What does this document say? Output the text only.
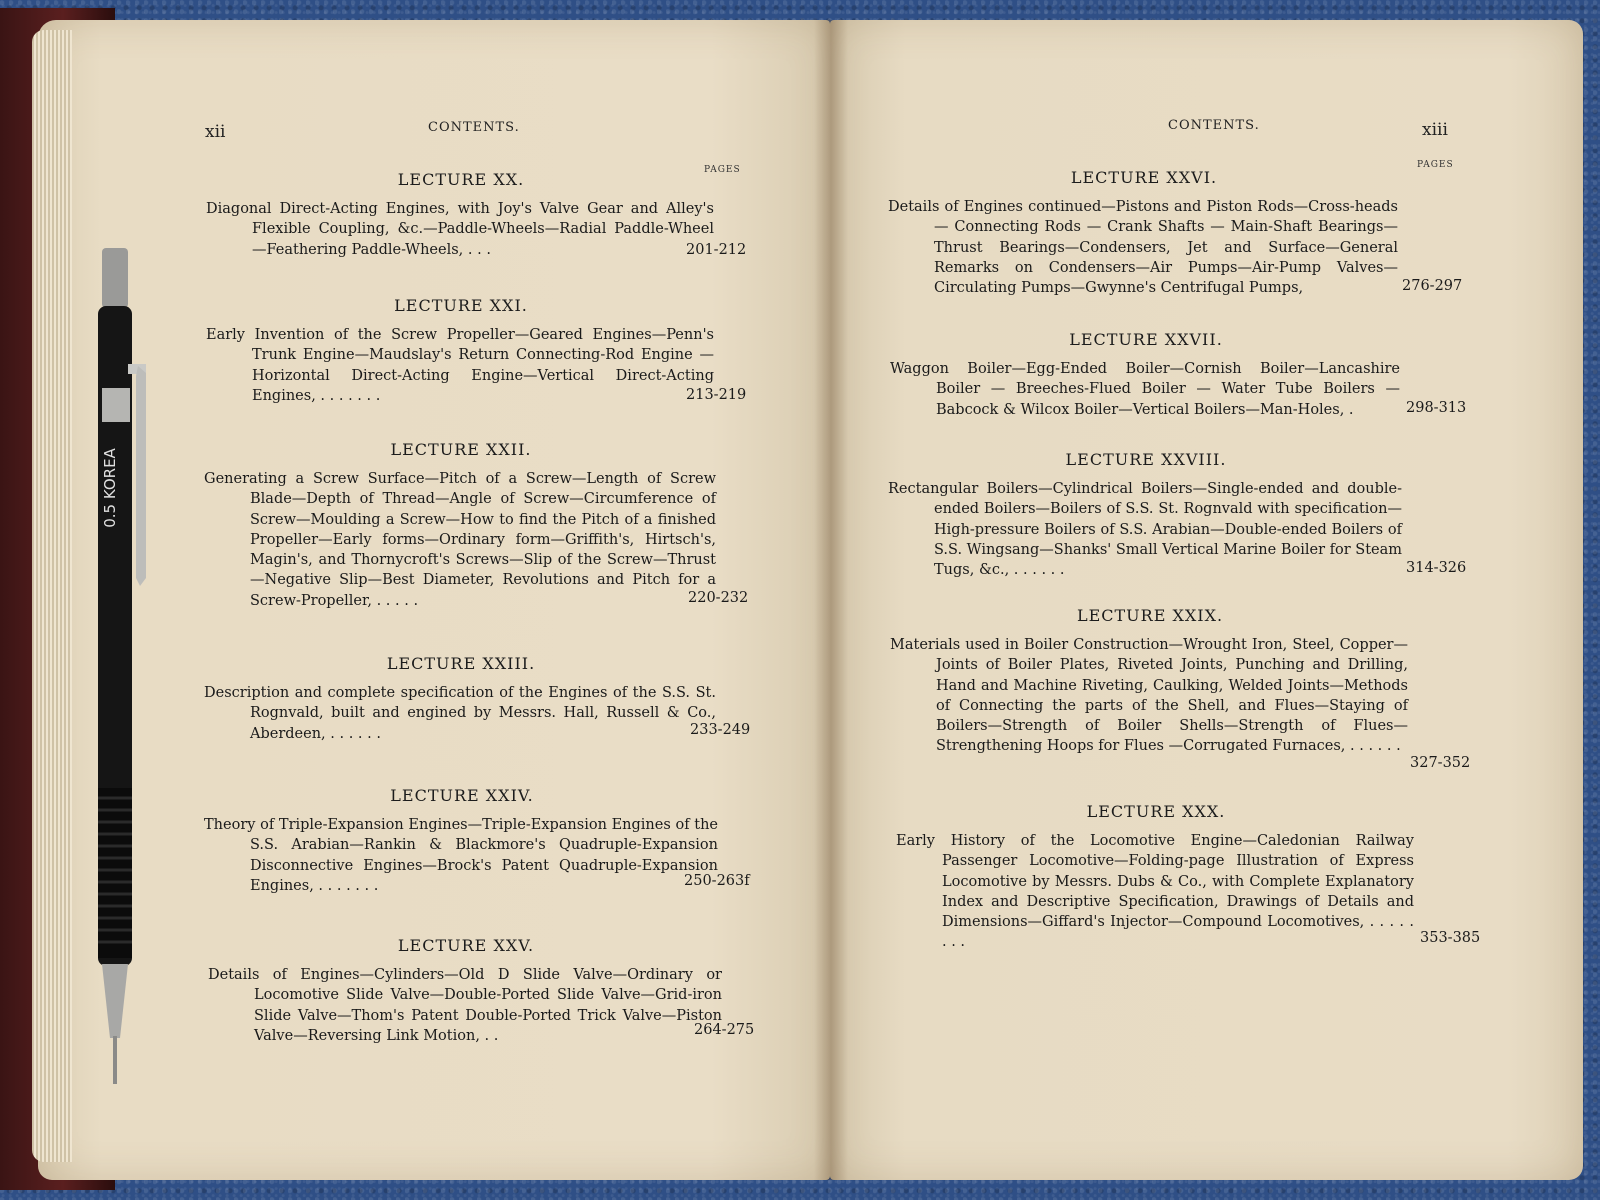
xii	CONTENTS.
PAGES
LECTURE XX.
Diagonal Direct-Acting Engines, with Joy's Valve Gear and Alley's Flexible Coupling, &c.—Paddle-Wheels—Radial Paddle-Wheel—Feathering Paddle-Wheels, . . .	201-212
LECTURE XXI.
Early Invention of the Screw Propeller—Geared Engines—Penn's Trunk Engine—Maudslay's Return Connecting-Rod Engine —Horizontal Direct-Acting Engine—Vertical Direct-Acting Engines, . . . . . . .	213-219
LECTURE XXII.
Generating a Screw Surface—Pitch of a Screw—Length of Screw Blade—Depth of Thread—Angle of Screw—Circumference of Screw—Moulding a Screw—How to find the Pitch of a finished Propeller—Early forms—Ordinary form—Griffith's, Hirtsch's, Magin's, and Thornycroft's Screws—Slip of the Screw—Thrust—Negative Slip—Best Diameter, Revolutions and Pitch for a Screw-Propeller, . . . . .	220-232
LECTURE XXIII.
Description and complete specification of the Engines of the S.S. St. Rognvald, built and engined by Messrs. Hall, Russell & Co., Aberdeen, . . . . . .	233-249
LECTURE XXIV.
Theory of Triple-Expansion Engines—Triple-Expansion Engines of the S.S. Arabian—Rankin & Blackmore's Quadruple-Expansion Disconnective Engines—Brock's Patent Quadruple-Expansion Engines, . . . . . . .	250-263f
LECTURE XXV.
Details of Engines—Cylinders—Old D Slide Valve—Ordinary or Locomotive Slide Valve—Double-Ported Slide Valve—Grid-iron Slide Valve—Thom's Patent Double-Ported Trick Valve—Piston Valve—Reversing Link Motion, . .	264-275
CONTENTS.	xiii
PAGES
LECTURE XXVI.
Details of Engines continued—Pistons and Piston Rods—Cross-heads — Connecting Rods — Crank Shafts — Main-Shaft Bearings—Thrust Bearings—Condensers, Jet and Surface—General Remarks on Condensers—Air Pumps—Air-Pump Valves—Circulating Pumps—Gwynne's Centrifugal Pumps,	276-297
LECTURE XXVII.
Waggon Boiler—Egg-Ended Boiler—Cornish Boiler—Lancashire Boiler — Breeches-Flued Boiler — Water Tube Boilers — Babcock & Wilcox Boiler—Vertical Boilers—Man-Holes, .	298-313
LECTURE XXVIII.
Rectangular Boilers—Cylindrical Boilers—Single-ended and double-ended Boilers—Boilers of S.S. St. Rognvald with specification—High-pressure Boilers of S.S. Arabian—Double-ended Boilers of S.S. Wingsang—Shanks' Small Vertical Marine Boiler for Steam Tugs, &c., . . . . . .	314-326
LECTURE XXIX.
Materials used in Boiler Construction—Wrought Iron, Steel, Copper—Joints of Boiler Plates, Riveted Joints, Punching and Drilling, Hand and Machine Riveting, Caulking, Welded Joints—Methods of Connecting the parts of the Shell, and Flues—Staying of Boilers—Strength of Boiler Shells—Strength of Flues—Strengthening Hoops for Flues —Corrugated Furnaces, . . . . . .
327-352
LECTURE XXX.
Early History of the Locomotive Engine—Caledonian Railway Passenger Locomotive—Folding-page Illustration of Express Locomotive by Messrs. Dubs & Co., with Complete Explanatory Index and Descriptive Specification, Drawings of Details and Dimensions—Giffard's Injector—Compound Locomotives, . . . . . . . .	353-385
0.5 KOREA
